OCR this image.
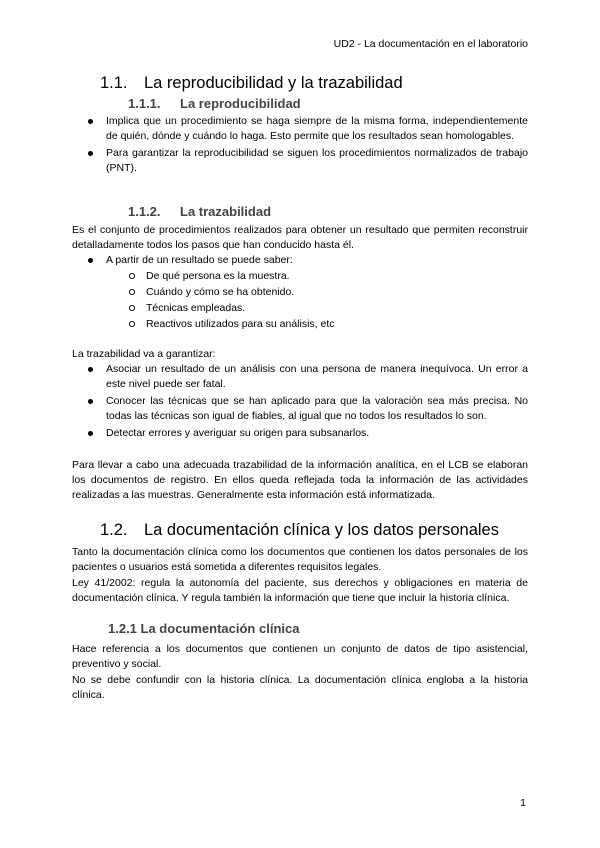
UD2 - La documentación en el laboratorio
1.1. La reproducibilidad y la trazabilidad
1.1.1. La reproducibilidad
Implica que un procedimiento se haga siempre de la misma forma, independientemente de quién, dónde y cuándo lo haga. Esto permite que los resultados sean homologables.
Para garantizar la reproducibilidad se siguen los procedimientos normalizados de trabajo (PNT).
1.1.2. La trazabilidad

Es el conjunto de procedimientos realizados para obtener un resultado que permiten reconstruir detalladamente todos los pasos que han conducido hasta él.

A partir de un resultado se puede saber:
De qué persona es la muestra.
Cuándo y cómo se ha obtenido.
Técnicas empleadas.
Reactivos utilizados para su análisis, etc

La trazabilidad va a garantizar:

Asociar un resultado de un análisis con una persona de manera inequívoca. Un error a este nivel puede ser fatal.
Conocer las técnicas que se han aplicado para que la valoración sea más precisa. No todas las técnicas son igual de fiables, al igual que no todos los resultados lo son.
Detectar errores y averiguar su origen para subsanarlos.

Para llevar a cabo una adecuada trazabilidad de la información analítica, en el LCB se elaboran los documentos de registro. En ellos queda reflejada toda la información de las actividades realizadas a las muestras. Generalmente esta información está informatizada.

1.2. La documentación clínica y los datos personales

Tanto la documentación clínica como los documentos que contienen los datos personales de los pacientes o usuarios está sometida a diferentes requisitos legales.

Ley 41/2002: regula la autonomía del paciente, sus derechos y obligaciones en materia de documentación clínica. Y regula también la información que tiene que incluir la historia clínica.

1.2.1 La documentación clínica

Hace referencia a los documentos que contienen un conjunto de datos de tipo asistencial, preventivo y social.

No se debe confundir con la historia clínica. La documentación clínica engloba a la historia clínica.

1
